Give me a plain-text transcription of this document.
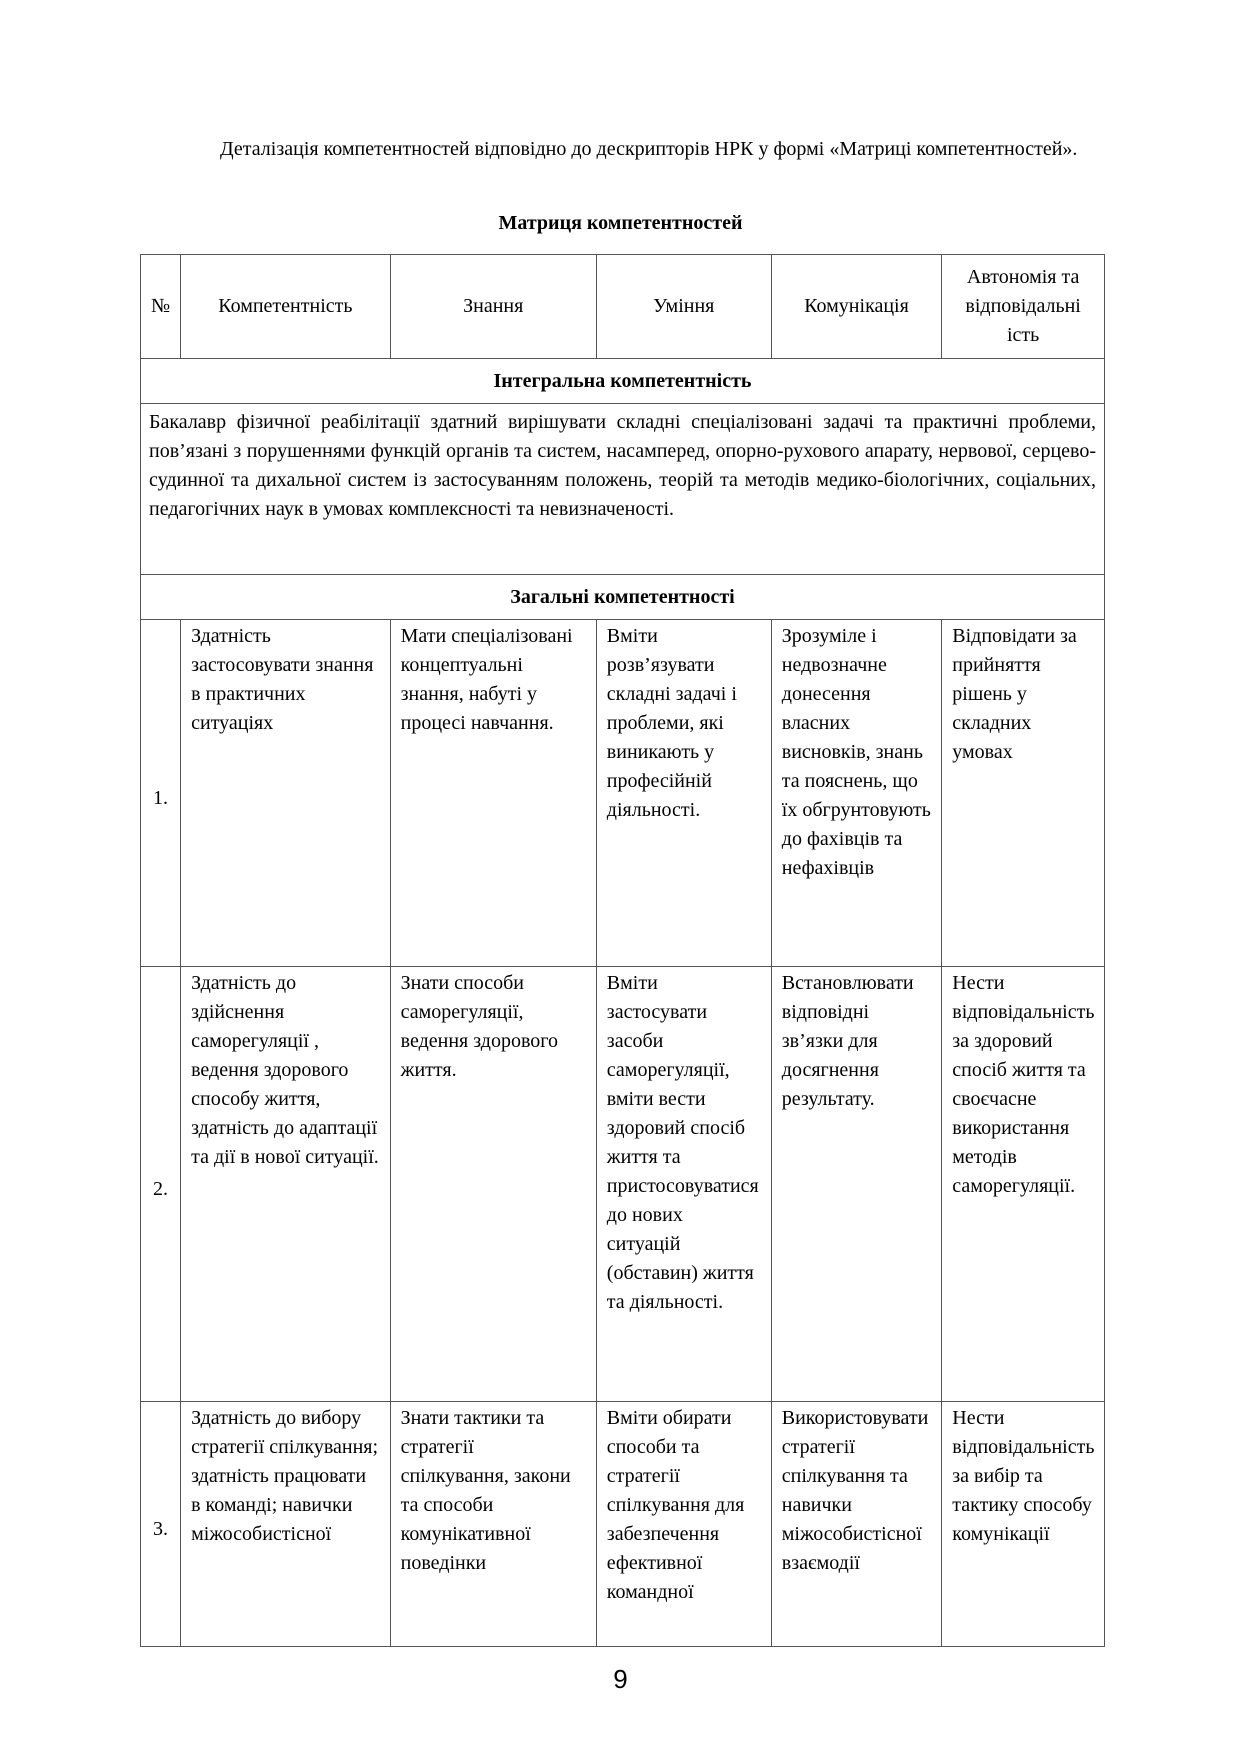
Деталізація компетентностей відповідно до дескрипторів НРК у формі «Матриці компетентностей».
Матриця компетентностей
№	Компетентність	Знання	Уміння	Комунікація	Автономія та відповідальні ість

Інтегральна компетентність					
Бакалавр фізичної реабілітації здатний вирішувати складні спеціалізовані задачі та практичні проблеми, пов’язані з порушеннями функцій органів та систем, насамперед, опорно-рухового апарату, нервової, серцево-судинної та дихальної систем із застосуванням положень, теорій та методів медико-біологічних, соціальних, педагогічних наук в умовах комплексності та невизначеності.					
Загальні компетентності					
1.	Здатність застосовувати знання в практичних ситуаціях	Мати спеціалізовані концептуальні знання, набуті у процесі навчання.	Вміти розв’язувати складні задачі і проблеми, які виникають у професійній діяльності.	Зрозуміле і недвозначне донесення власних висновків, знань та пояснень, що їх обгрунтовують до фахівців та нефахівців	Відповідати за прийняття рішень у складних умовах
2.	Здатність до здійснення саморегуляції , ведення здорового способу життя, здатність до адаптації та дії в нової ситуації.	Знати способи саморегуляції, ведення здорового життя.	Вміти застосувати засоби саморегуляції, вміти вести здоровий спосіб життя та пристосовуватися до нових ситуацій (обставин) життя та діяльності.	Встановлювати відповідні зв’язки для досягнення результату.	Нести відповідальність за здоровий спосіб життя та своєчасне використання методів саморегуляції.
3.	Здатність до вибору стратегії спілкування; здатність працювати в команді; навички міжособистісної	Знати тактики та стратегії спілкування, закони та способи комунікативної поведінки	Вміти обирати способи та стратегії спілкування для забезпечення ефективної командної	Використовувати стратегії спілкування та навички міжособистісної взаємодії	Нести відповідальність за вибір та тактику способу комунікації
9
